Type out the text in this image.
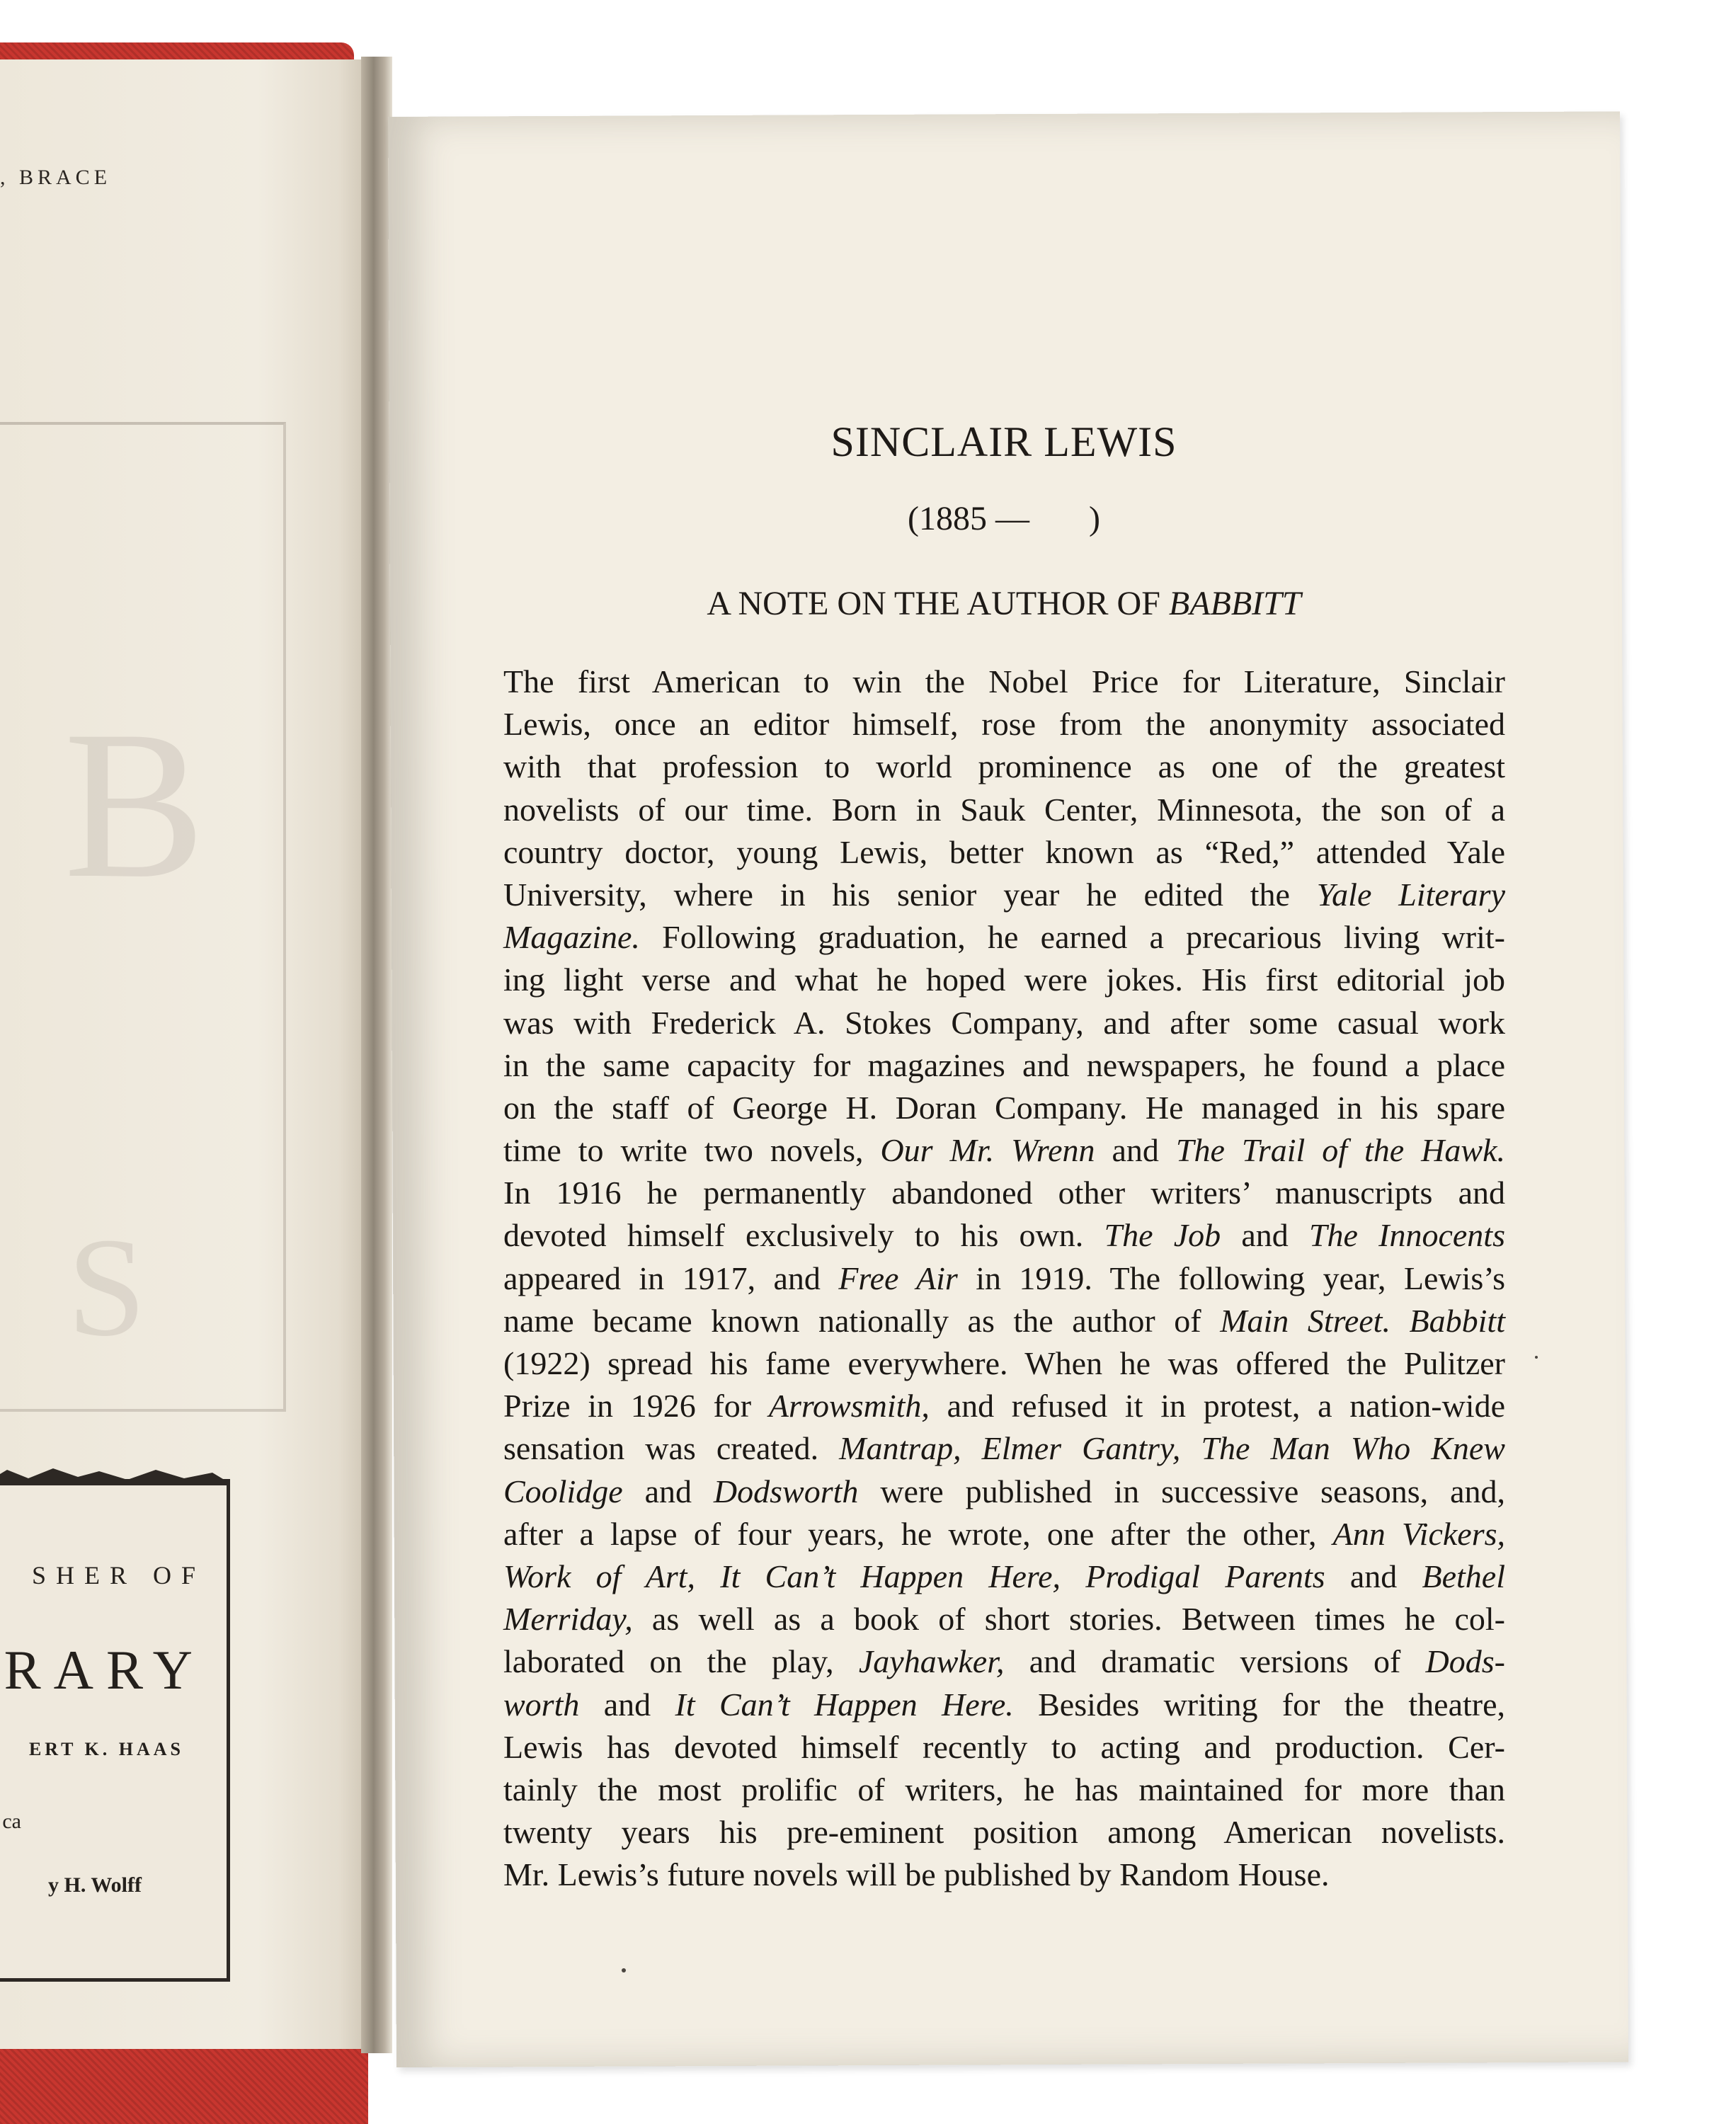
, BRACE
B
S
SHER OF
RARY
ERT K. HAAS
ca
y H. Wolff
SINCLAIR LEWIS
(1885 —       )
A NOTE ON THE AUTHOR OF BABBITT
The first American to win the Nobel Price for Literature, Sinclair
Lewis, once an editor himself, rose from the anonymity associated
with that profession to world prominence as one of the greatest
novelists of our time. Born in Sauk Center, Minnesota, the son of a
country doctor, young Lewis, better known as “Red,” attended Yale
University, where in his senior year he edited the Yale Literary
Magazine. Following graduation, he earned a precarious living writ-
ing light verse and what he hoped were jokes. His first editorial job
was with Frederick A. Stokes Company, and after some casual work
in the same capacity for magazines and newspapers, he found a place
on the staff of George H. Doran Company. He managed in his spare
time to write two novels, Our Mr. Wrenn and The Trail of the Hawk.
In 1916 he permanently abandoned other writers’ manuscripts and
devoted himself exclusively to his own. The Job and The Innocents
appeared in 1917, and Free Air in 1919. The following year, Lewis’s
name became known nationally as the author of Main Street. Babbitt
(1922) spread his fame everywhere. When he was offered the Pulitzer
Prize in 1926 for Arrowsmith, and refused it in protest, a nation-wide
sensation was created. Mantrap, Elmer Gantry, The Man Who Knew
Coolidge and Dodsworth were published in successive seasons, and,
after a lapse of four years, he wrote, one after the other, Ann Vickers,
Work of Art, It Can’t Happen Here, Prodigal Parents and Bethel
Merriday, as well as a book of short stories. Between times he col-
laborated on the play, Jayhawker, and dramatic versions of Dods-
worth and It Can’t Happen Here. Besides writing for the theatre,
Lewis has devoted himself recently to acting and production. Cer-
tainly the most prolific of writers, he has maintained for more than
twenty years his pre-eminent position among American novelists.
Mr. Lewis’s future novels will be published by Random House.
